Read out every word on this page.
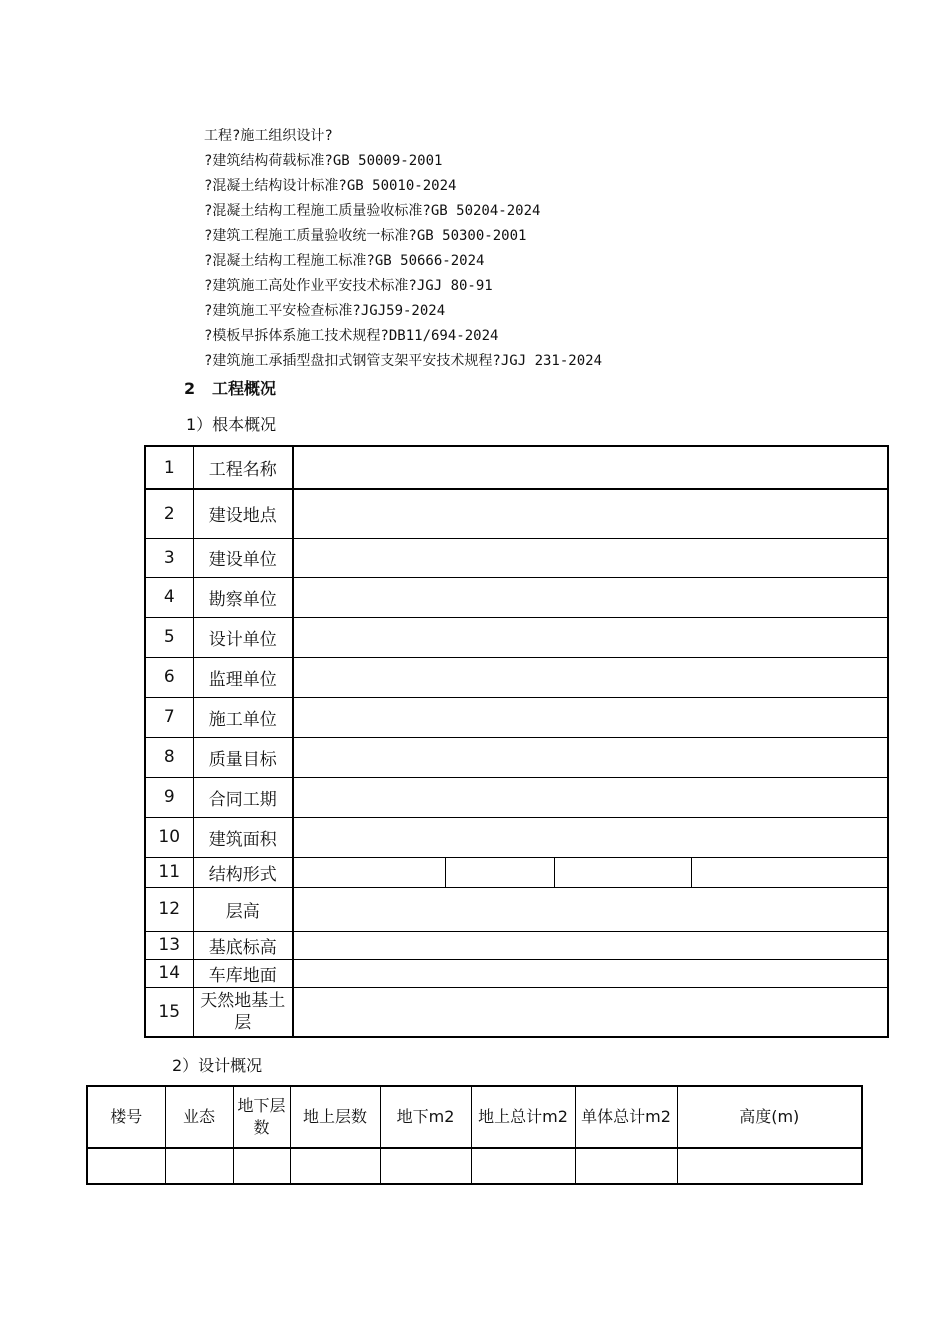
工程?施工组织设计?
?建筑结构荷载标准?GB 50009-2001
?混凝土结构设计标准?GB 50010-2024
?混凝土结构工程施工质量验收标准?GB 50204-2024
?建筑工程施工质量验收统一标准?GB 50300-2001
?混凝土结构工程施工标准?GB 50666-2024
?建筑施工高处作业平安技术标准?JGJ 80-91
?建筑施工平安检查标准?JGJ59-2024
?模板早拆体系施工技术规程?DB11/694-2024
?建筑施工承插型盘扣式钢管支架平安技术规程?JGJ 231-2024
2 工程概况
1）根本概况
1	工程名称				
2	建设地点				
3	建设单位				
4	勘察单位				
5	设计单位				
6	监理单位				
7	施工单位				
8	质量目标				
9	合同工期				
10	建筑面积				
11	结构形式				
12	层高				
13	基底标高				
14	车库地面				
15	天然地基土层				
2）设计概况
楼号	业态	地下层数	地上层数	地下m2	地上总计m2	单体总计m2	高度(m)
